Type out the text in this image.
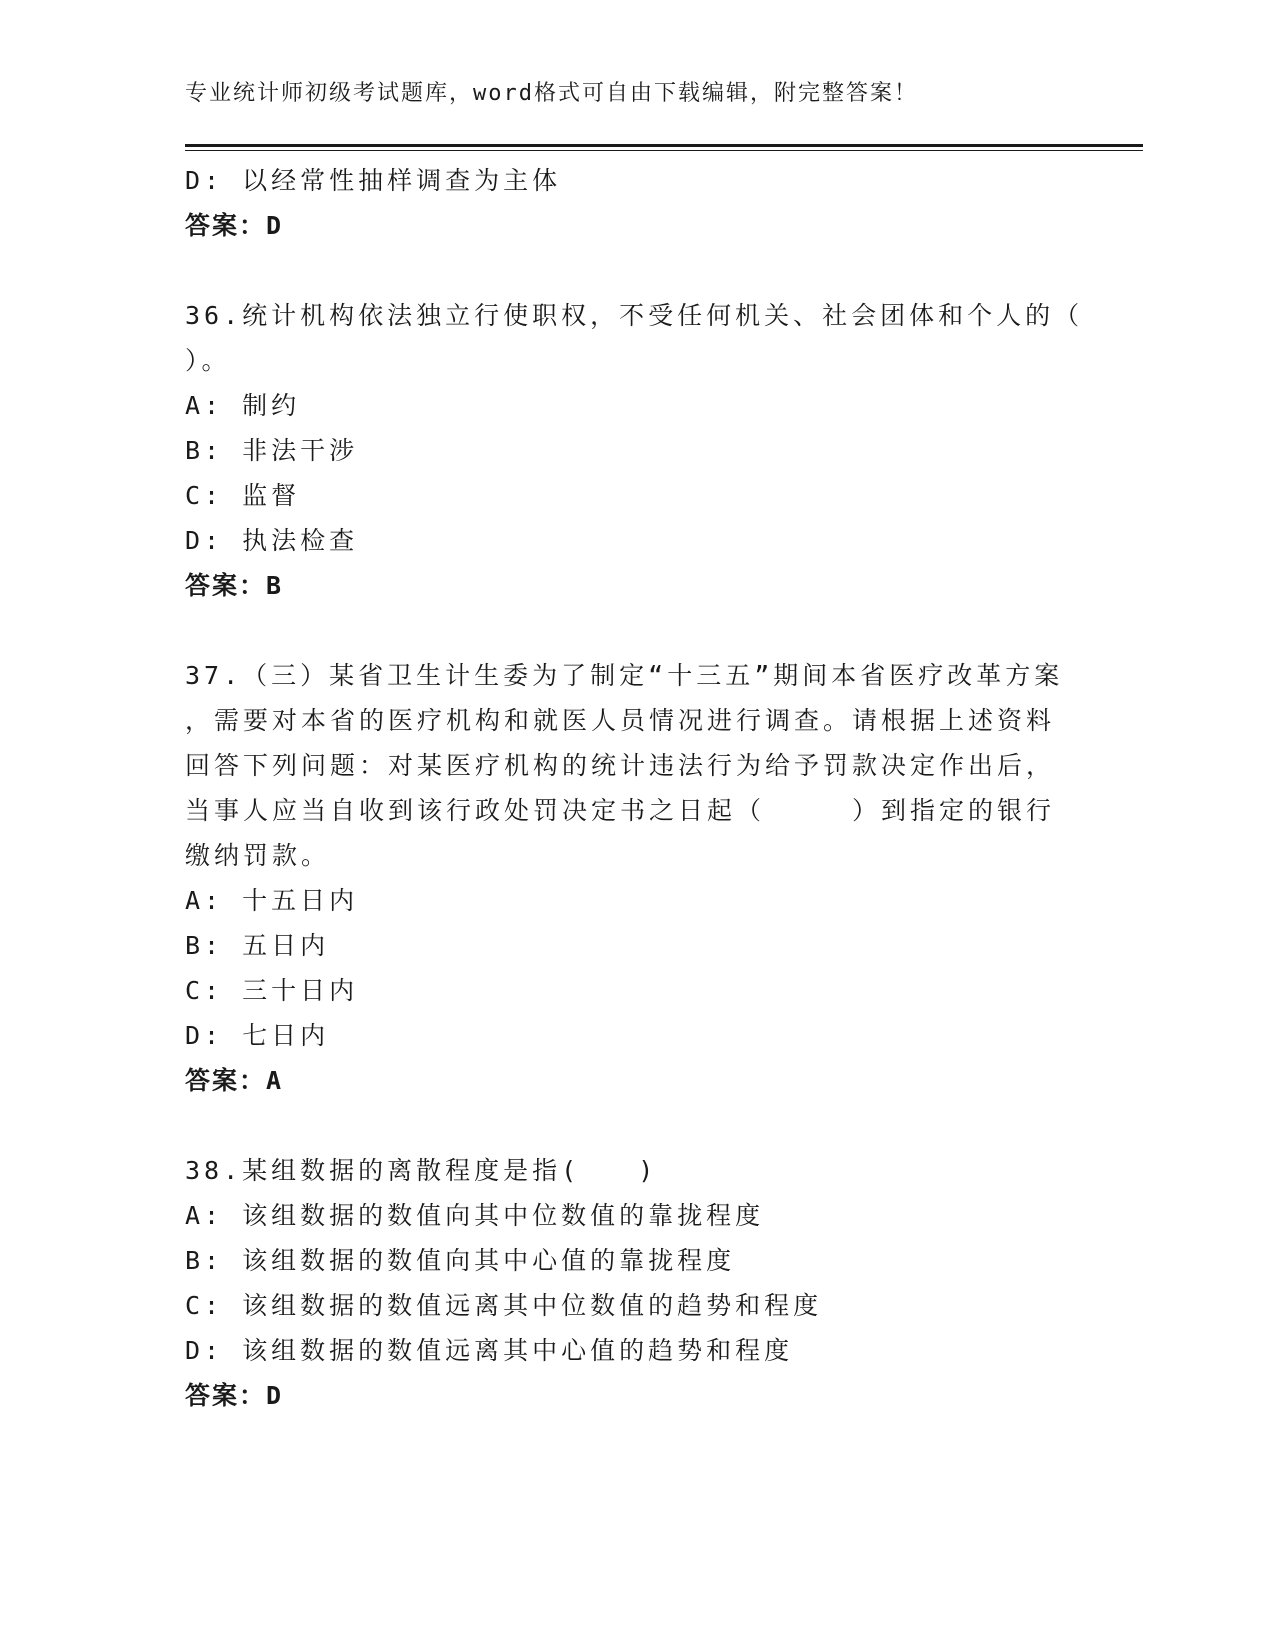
专业统计师初级考试题库，word格式可自由下载编辑，附完整答案！
D: 以经常性抽样调查为主体
答案：D
36.统计机构依法独立行使职权，不受任何机关、社会团体和个人的（
）。
A: 制约
B: 非法干涉
C: 监督
D: 执法检查
答案：B
37.（三）某省卫生计生委为了制定“十三五”期间本省医疗改革方案
，需要对本省的医疗机构和就医人员情况进行调查。请根据上述资料
回答下列问题：对某医疗机构的统计违法行为给予罚款决定作出后，
当事人应当自收到该行政处罚决定书之日起（　　　）到指定的银行
缴纳罚款。
A: 十五日内
B: 五日内
C: 三十日内
D: 七日内
答案：A
38.某组数据的离散程度是指(　　)
A: 该组数据的数值向其中位数值的靠拢程度
B: 该组数据的数值向其中心值的靠拢程度
C: 该组数据的数值远离其中位数值的趋势和程度
D: 该组数据的数值远离其中心值的趋势和程度
答案：D
